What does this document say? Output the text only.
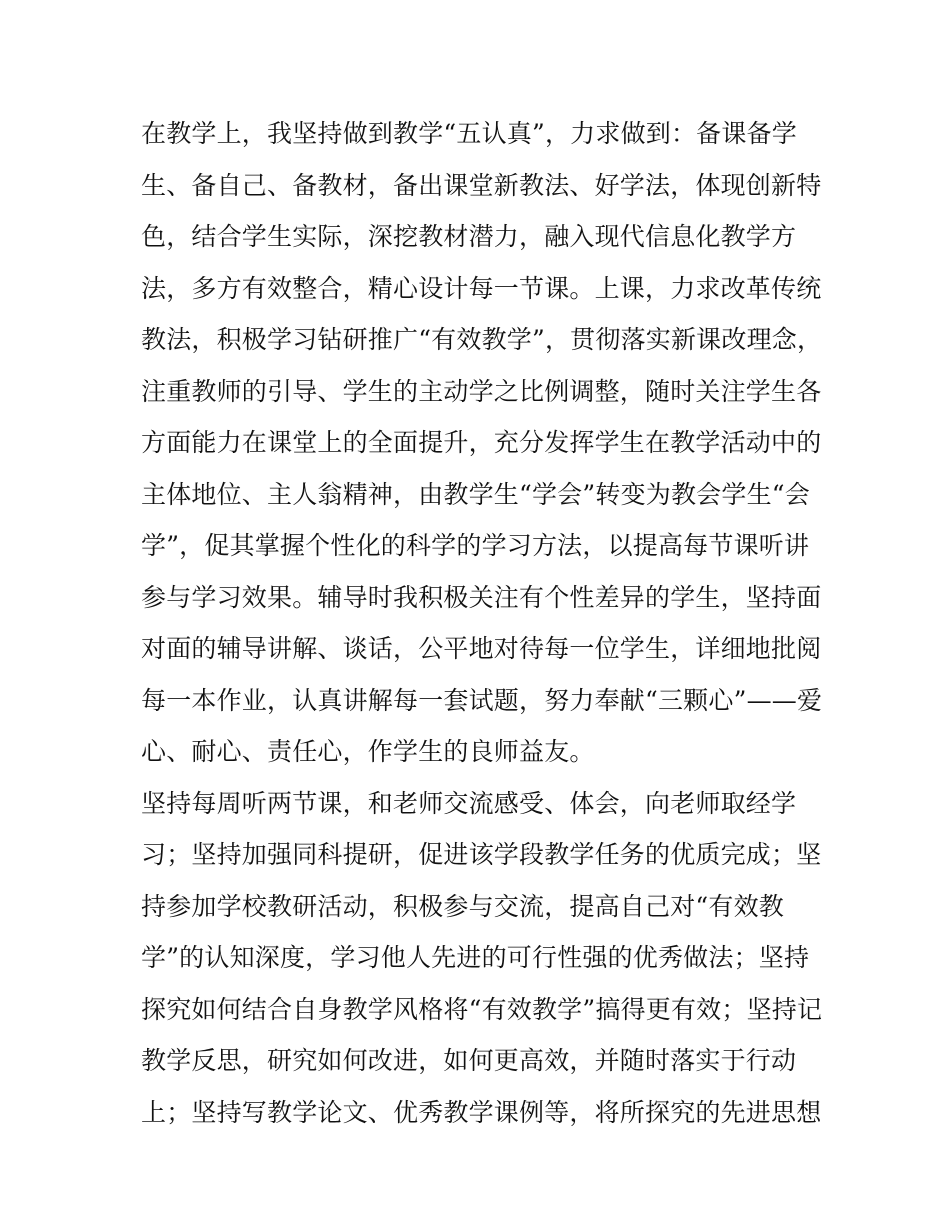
在教学上，我坚持做到教学“五认真”，力求做到：备课备学
生、备自己、备教材，备出课堂新教法、好学法，体现创新特
色，结合学生实际，深挖教材潜力，融入现代信息化教学方
法，多方有效整合，精心设计每一节课。上课，力求改革传统
教法，积极学习钻研推广“有效教学”，贯彻落实新课改理念，
注重教师的引导、学生的主动学之比例调整，随时关注学生各
方面能力在课堂上的全面提升，充分发挥学生在教学活动中的
主体地位、主人翁精神，由教学生“学会”转变为教会学生“会
学”，促其掌握个性化的科学的学习方法，以提高每节课听讲
参与学习效果。辅导时我积极关注有个性差异的学生，坚持面
对面的辅导讲解、谈话，公平地对待每一位学生，详细地批阅
每一本作业，认真讲解每一套试题，努力奉献“三颗心”——爱
心、耐心、责任心，作学生的良师益友。
坚持每周听两节课，和老师交流感受、体会，向老师取经学
习；坚持加强同科提研，促进该学段教学任务的优质完成；坚
持参加学校教研活动，积极参与交流，提高自己对“有效教
学”的认知深度，学习他人先进的可行性强的优秀做法；坚持
探究如何结合自身教学风格将“有效教学”搞得更有效；坚持记
教学反思，研究如何改进，如何更高效，并随时落实于行动
上；坚持写教学论文、优秀教学课例等，将所探究的先进思想
